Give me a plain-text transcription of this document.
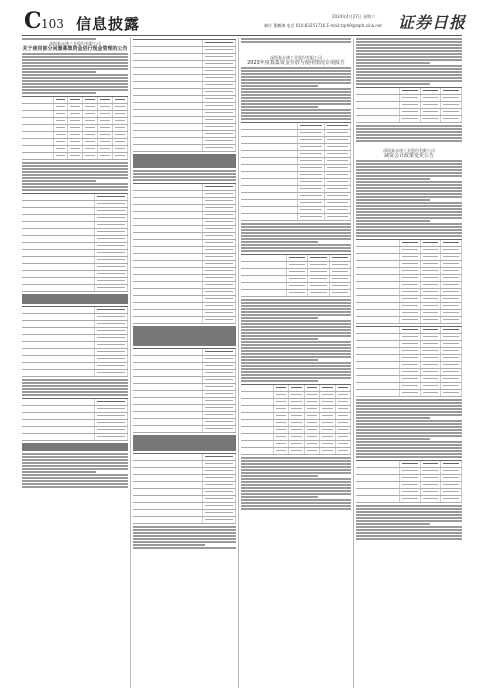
C 103 信息披露	2024年4月27日 星期六
制作 董鹏琳 电话 010-83251716 E-mail:zqrb9@zqrb.sina.net 证券日报
深圳泰永康工业股份有限公司
关于使用部分闲置募集资金进行现金管理的公告
深圳泰永康工业股份有限公司
2023年度募集资金存放与使用情况专项报告
深圳泰永康工业股份有限公司
减资会计政策变更公告
